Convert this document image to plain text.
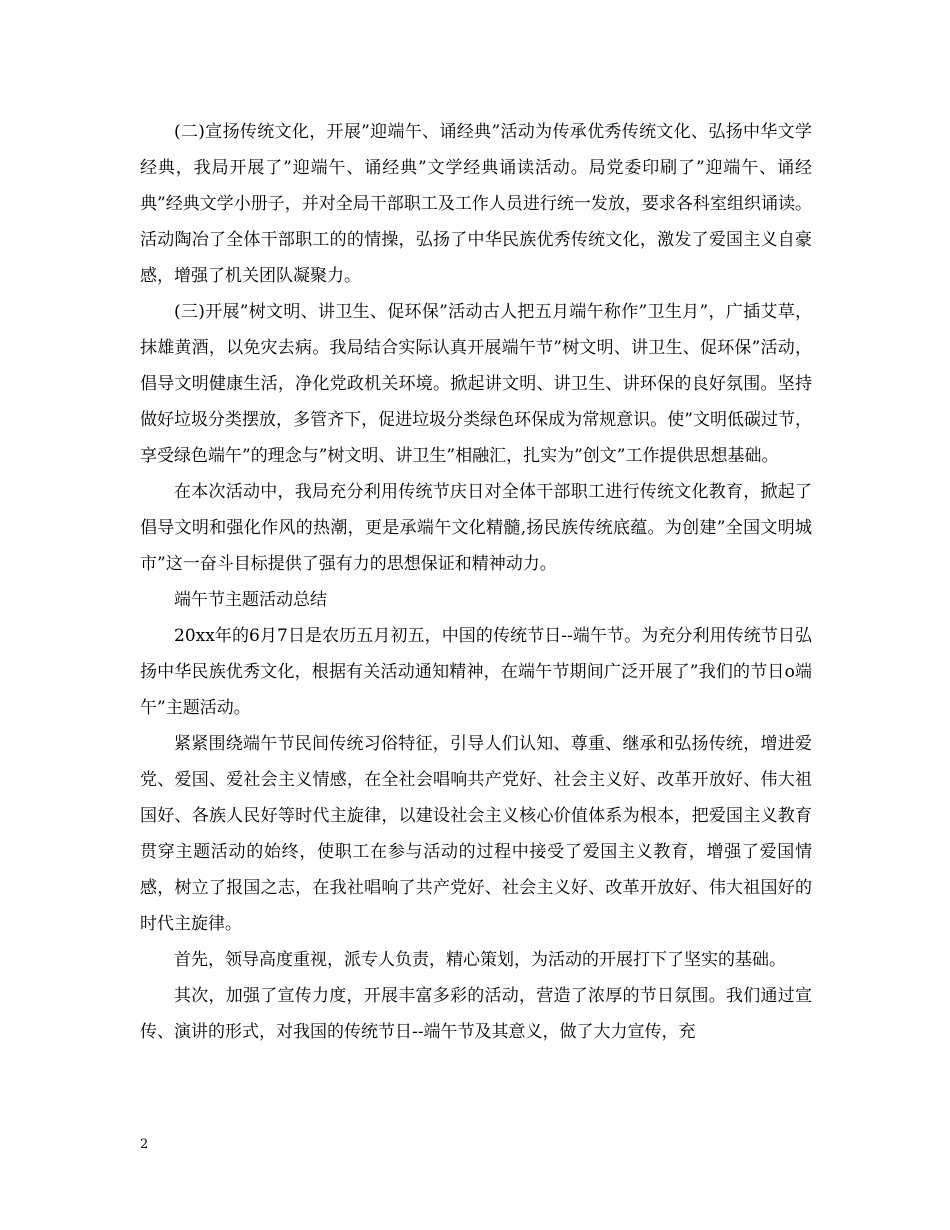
(二)宣扬传统文化，开展”迎端午、诵经典”活动为传承优秀传统文化、弘扬中华文学经典，我局开展了”迎端午、诵经典”文学经典诵读活动。局党委印刷了”迎端午、诵经典”经典文学小册子，并对全局干部职工及工作人员进行统一发放，要求各科室组织诵读。活动陶冶了全体干部职工的的情操，弘扬了中华民族优秀传统文化，激发了爱国主义自豪感，增强了机关团队凝聚力。

(三)开展”树文明、讲卫生、促环保”活动古人把五月端午称作”卫生月”，广插艾草，抹雄黄酒，以免灾去病。我局结合实际认真开展端午节”树文明、讲卫生、促环保”活动，倡导文明健康生活，净化党政机关环境。掀起讲文明、讲卫生、讲环保的良好氛围。坚持做好垃圾分类摆放，多管齐下，促进垃圾分类绿色环保成为常规意识。使”文明低碳过节，享受绿色端午”的理念与”树文明、讲卫生”相融汇，扎实为”创文”工作提供思想基础。

在本次活动中，我局充分利用传统节庆日对全体干部职工进行传统文化教育，掀起了倡导文明和强化作风的热潮，更是承端午文化精髓,扬民族传统底蕴。为创建”全国文明城市”这一奋斗目标提供了强有力的思想保证和精神动力。

端午节主题活动总结

20xx年的6月7日是农历五月初五，中国的传统节日--端午节。为充分利用传统节日弘扬中华民族优秀文化，根据有关活动通知精神，在端午节期间广泛开展了”我们的节日o端午”主题活动。

紧紧围绕端午节民间传统习俗特征，引导人们认知、尊重、继承和弘扬传统，增进爱党、爱国、爱社会主义情感，在全社会唱响共产党好、社会主义好、改革开放好、伟大祖国好、各族人民好等时代主旋律，以建设社会主义核心价值体系为根本，把爱国主义教育贯穿主题活动的始终，使职工在参与活动的过程中接受了爱国主义教育，增强了爱国情感，树立了报国之志，在我社唱响了共产党好、社会主义好、改革开放好、伟大祖国好的时代主旋律。

首先，领导高度重视，派专人负责，精心策划，为活动的开展打下了坚实的基础。

其次，加强了宣传力度，开展丰富多彩的活动，营造了浓厚的节日氛围。我们通过宣传、演讲的形式，对我国的传统节日--端午节及其意义，做了大力宣传，充

2
